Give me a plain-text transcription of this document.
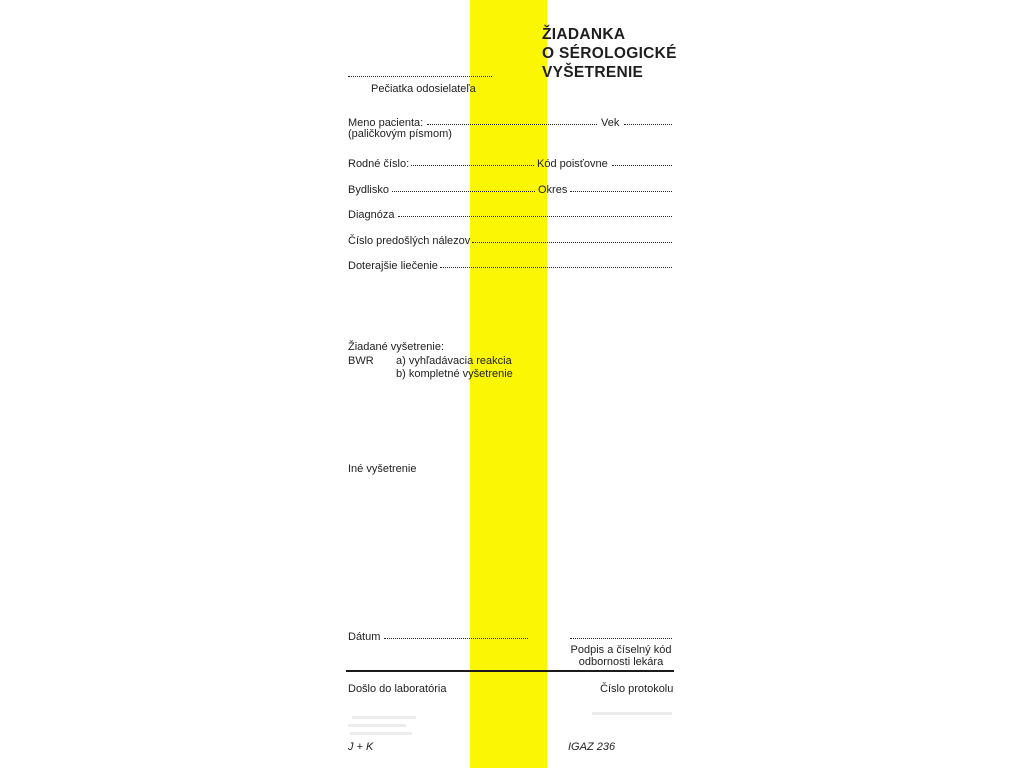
ŽIADANKA
O SÉROLOGICKÉ
VYŠETRENIE
Pečiatka odosielateľa
Meno pacienta:	Vek
(paličkovým písmom)
Rodné číslo:	Kód poisťovne
Bydlisko	Okres
Diagnóza
Číslo predošlých nálezov
Doterajšie liečenie
Žiadané vyšetrenie:
BWR a) vyhľadávacia reakcia
b) kompletné vyšetrenie
Iné vyšetrenie
Dátum
Podpis a číselný kód
odbornosti lekára
Došlo do laboratória	Číslo protokolu
J + K	IGAZ 236
